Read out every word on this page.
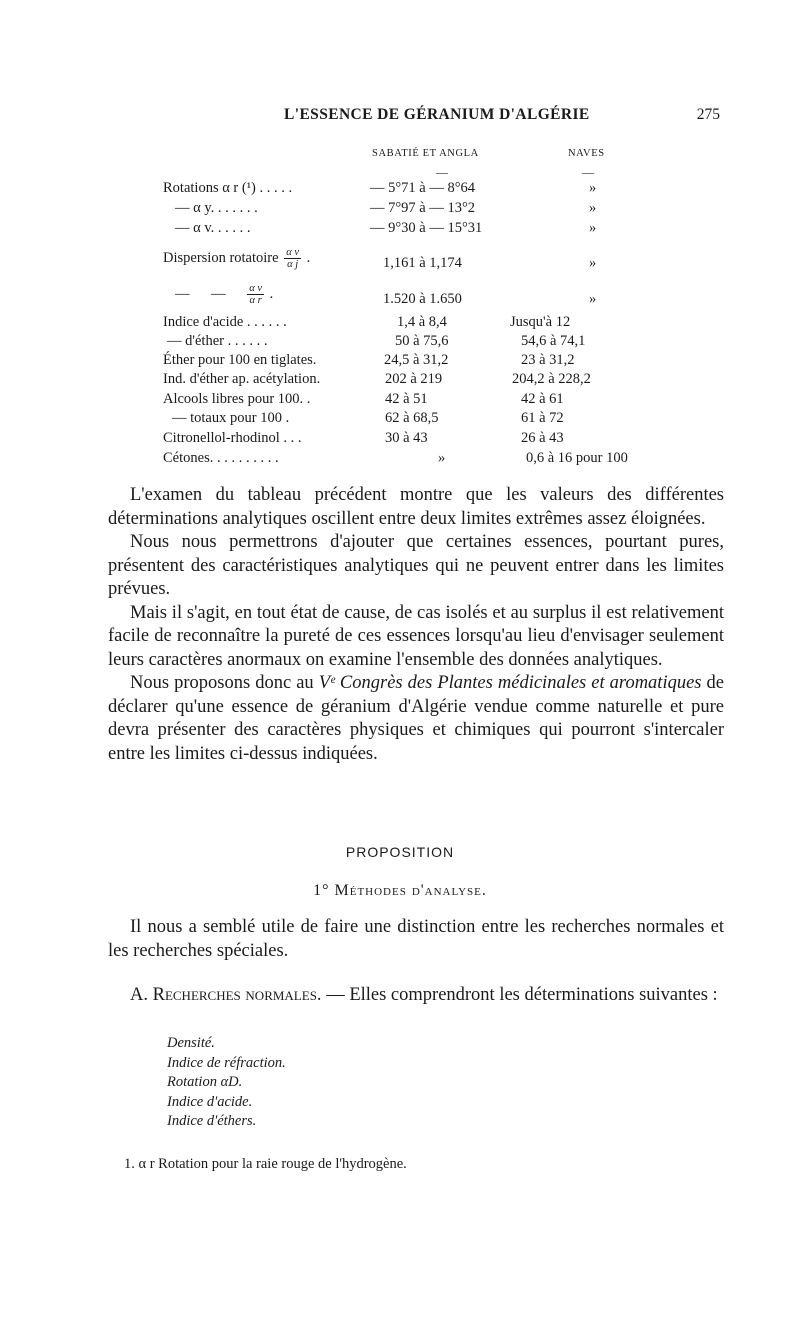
L'ESSENCE DE GÉRANIUM D'ALGÉRIE	275
SABATIÉ ET ANGLA	NAVES
—	—
Rotations α r (¹) . . . . .	— 5°71 à — 8°64	»
— α y. . . . . . .	— 7°97 à — 13°2	»
— α v. . . . . .	— 9°30 à — 15°31	»
Dispersion rotatoire $\frac{\text{α v}}{\text{α j}}$ .	1,161 à 1,174	»
— — $\frac{\text{α v}}{\text{α r}}$ .	1.520 à 1.650	»
Indice d'acide . . . . . .	1,4 à 8,4	Jusqu'à 12
— d'éther . . . . . .	50 à 75,6	54,6 à 74,1
Éther pour 100 en tiglates.	24,5 à 31,2	23 à 31,2
Ind. d'éther ap. acétylation.	202 à 219	204,2 à 228,2
Alcools libres pour 100. .	42 à 51	42 à 61
— totaux pour 100 .	62 à 68,5	61 à 72
Citronellol-rhodinol . . .	30 à 43	26 à 43
Cétones. . . . . . . . . .	»	0,6 à 16 pour 100

L'examen du tableau précédent montre que les valeurs des différentes déterminations analytiques oscillent entre deux limites extrêmes assez éloignées.

Nous nous permettrons d'ajouter que certaines essences, pourtant pures, présentent des caractéristiques analytiques qui ne peuvent entrer dans les limites prévues.

Mais il s'agit, en tout état de cause, de cas isolés et au surplus il est relativement facile de reconnaître la pureté de ces essences lorsqu'au lieu d'envisager seulement leurs caractères anormaux on examine l'ensemble des données analytiques.

Nous proposons donc au Vᵉ Congrès des Plantes médicinales et aromatiques de déclarer qu'une essence de géranium d'Algérie vendue comme naturelle et pure devra présenter des caractères physiques et chimiques qui pourront s'intercaler entre les limites ci-dessus indiquées.

PROPOSITION
1° Méthodes d'analyse.

Il nous a semblé utile de faire une distinction entre les recherches normales et les recherches spéciales.

A. Recherches normales. — Elles comprendront les déterminations suivantes :

Densité.
Indice de réfraction.
Rotation αD.
Indice d'acide.
Indice d'éthers.
1. α r Rotation pour la raie rouge de l'hydrogène.
